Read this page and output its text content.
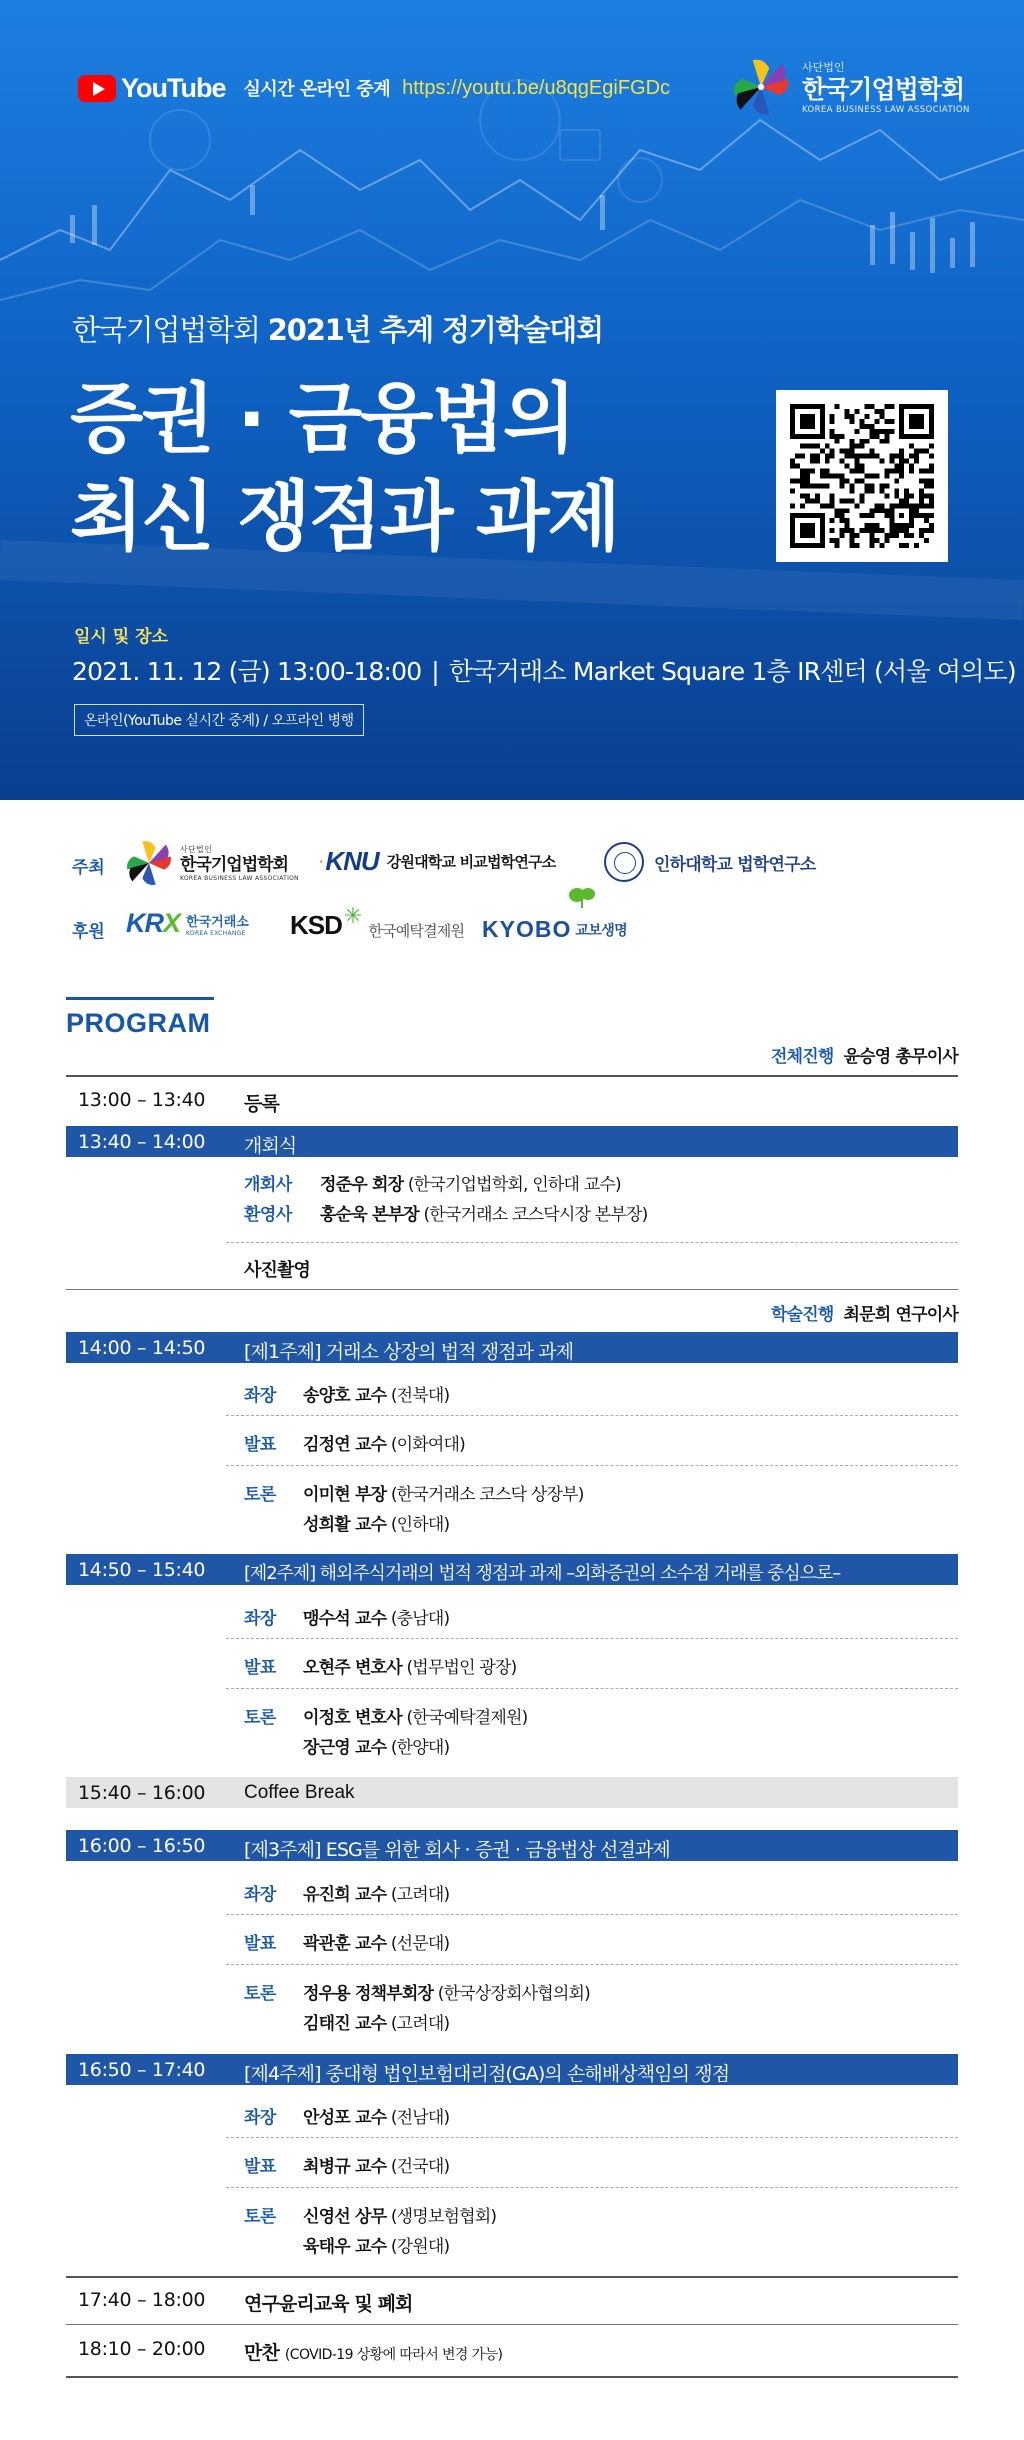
YouTube 실시간 온라인 중계 https://youtu.be/u8qgEgiFGDc
사단법인
한국기업법학회
KOREA BUSINESS LAW ASSOCIATION
한국기업법학회 2021년 추계 정기학술대회
증권 · 금융법의
최신 쟁점과 과제
일시 및 장소
2021. 11. 12 (금) 13:00-18:00 | 한국거래소 Market Square 1층 IR센터 (서울 여의도)
온라인(YouTube 실시간 중계) / 오프라인 병행
주최
사단법인
한국기업법학회
KOREA BUSINESS LAW ASSOCIATION
· KNU 강원대학교 비교법학연구소	인하대학교 법학연구소
후원 KRX 한국거래소
KOREA EXCHANGE KSD ✳
한국예탁결제원 KYOBO 교보생명
PROGRAM
전체진행 윤승영 총무이사
13:00 – 13:40 등록
13:40 – 14:00 개회식
개회사 정준우 회장 (한국기업법학회, 인하대 교수)
환영사 홍순욱 본부장 (한국거래소 코스닥시장 본부장)
사진촬영
학술진행 최문희 연구이사
14:00 – 14:50 [제1주제] 거래소 상장의 법적 쟁점과 과제
좌장 송양호 교수 (전북대)
발표 김정연 교수 (이화여대)
토론 이미현 부장 (한국거래소 코스닥 상장부)
성희활 교수 (인하대)
14:50 – 15:40 [제2주제] 해외주식거래의 법적 쟁점과 과제 –외화증권의 소수점 거래를 중심으로–
좌장 맹수석 교수 (충남대)
발표 오현주 변호사 (법무법인 광장)
토론 이정호 변호사 (한국예탁결제원)
장근영 교수 (한양대)
15:40 – 16:00 Coffee Break
16:00 – 16:50 [제3주제] ESG를 위한 회사 · 증권 · 금융법상 선결과제
좌장 유진희 교수 (고려대)
발표 곽관훈 교수 (선문대)
토론 정우용 정책부회장 (한국상장회사협의회)
김태진 교수 (고려대)
16:50 – 17:40 [제4주제] 중대형 법인보험대리점(GA)의 손해배상책임의 쟁점
좌장 안성포 교수 (전남대)
발표 최병규 교수 (건국대)
토론 신영선 상무 (생명보험협회)
육태우 교수 (강원대)
17:40 – 18:00 연구윤리교육 및 폐회
18:10 – 20:00 만찬 (COVID-19 상황에 따라서 변경 가능)
